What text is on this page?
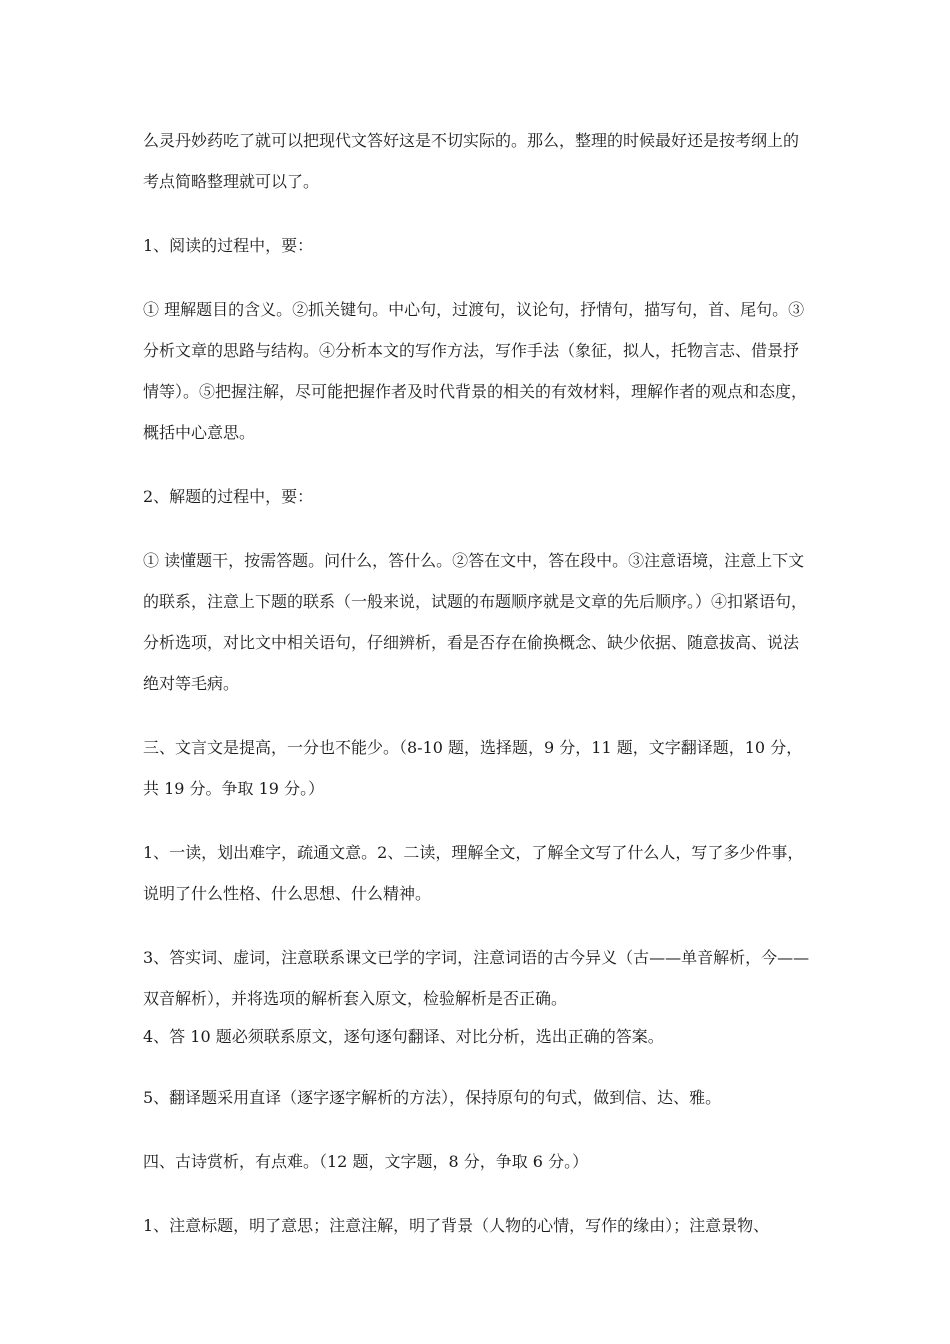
么灵丹妙药吃了就可以把现代文答好这是不切实际的。那么，整理的时候最好还是按考纲上的考点简略整理就可以了。

1、阅读的过程中，要：

① 理解题目的含义。②抓关键句。中心句，过渡句，议论句，抒情句，描写句，首、尾句。③分析文章的思路与结构。④分析本文的写作方法，写作手法（象征，拟人，托物言志、借景抒情等）。⑤把握注解，尽可能把握作者及时代背景的相关的有效材料，理解作者的观点和态度，概括中心意思。

2、解题的过程中，要：

① 读懂题干，按需答题。问什么，答什么。②答在文中，答在段中。③注意语境，注意上下文的联系，注意上下题的联系（一般来说，试题的布题顺序就是文章的先后顺序。）④扣紧语句，分析选项，对比文中相关语句，仔细辨析，看是否存在偷换概念、缺少依据、随意拔高、说法绝对等毛病。

三、文言文是提高，一分也不能少。（8-10 题，选择题，9 分，11 题，文字翻译题，10 分，共 19 分。争取 19 分。）

1、一读，划出难字，疏通文意。2、二读，理解全文，了解全文写了什么人，写了多少件事，说明了什么性格、什么思想、什么精神。

3、答实词、虚词，注意联系课文已学的字词，注意词语的古今异义（古——单音解析，今——双音解析），并将选项的解析套入原文，检验解析是否正确。

4、答 10 题必须联系原文，逐句逐句翻译、对比分析，选出正确的答案。

5、翻译题采用直译（逐字逐字解析的方法），保持原句的句式，做到信、达、雅。

四、古诗赏析，有点难。（12 题，文字题，8 分，争取 6 分。）

1、注意标题，明了意思；注意注解，明了背景（人物的心情，写作的缘由）；注意景物、
